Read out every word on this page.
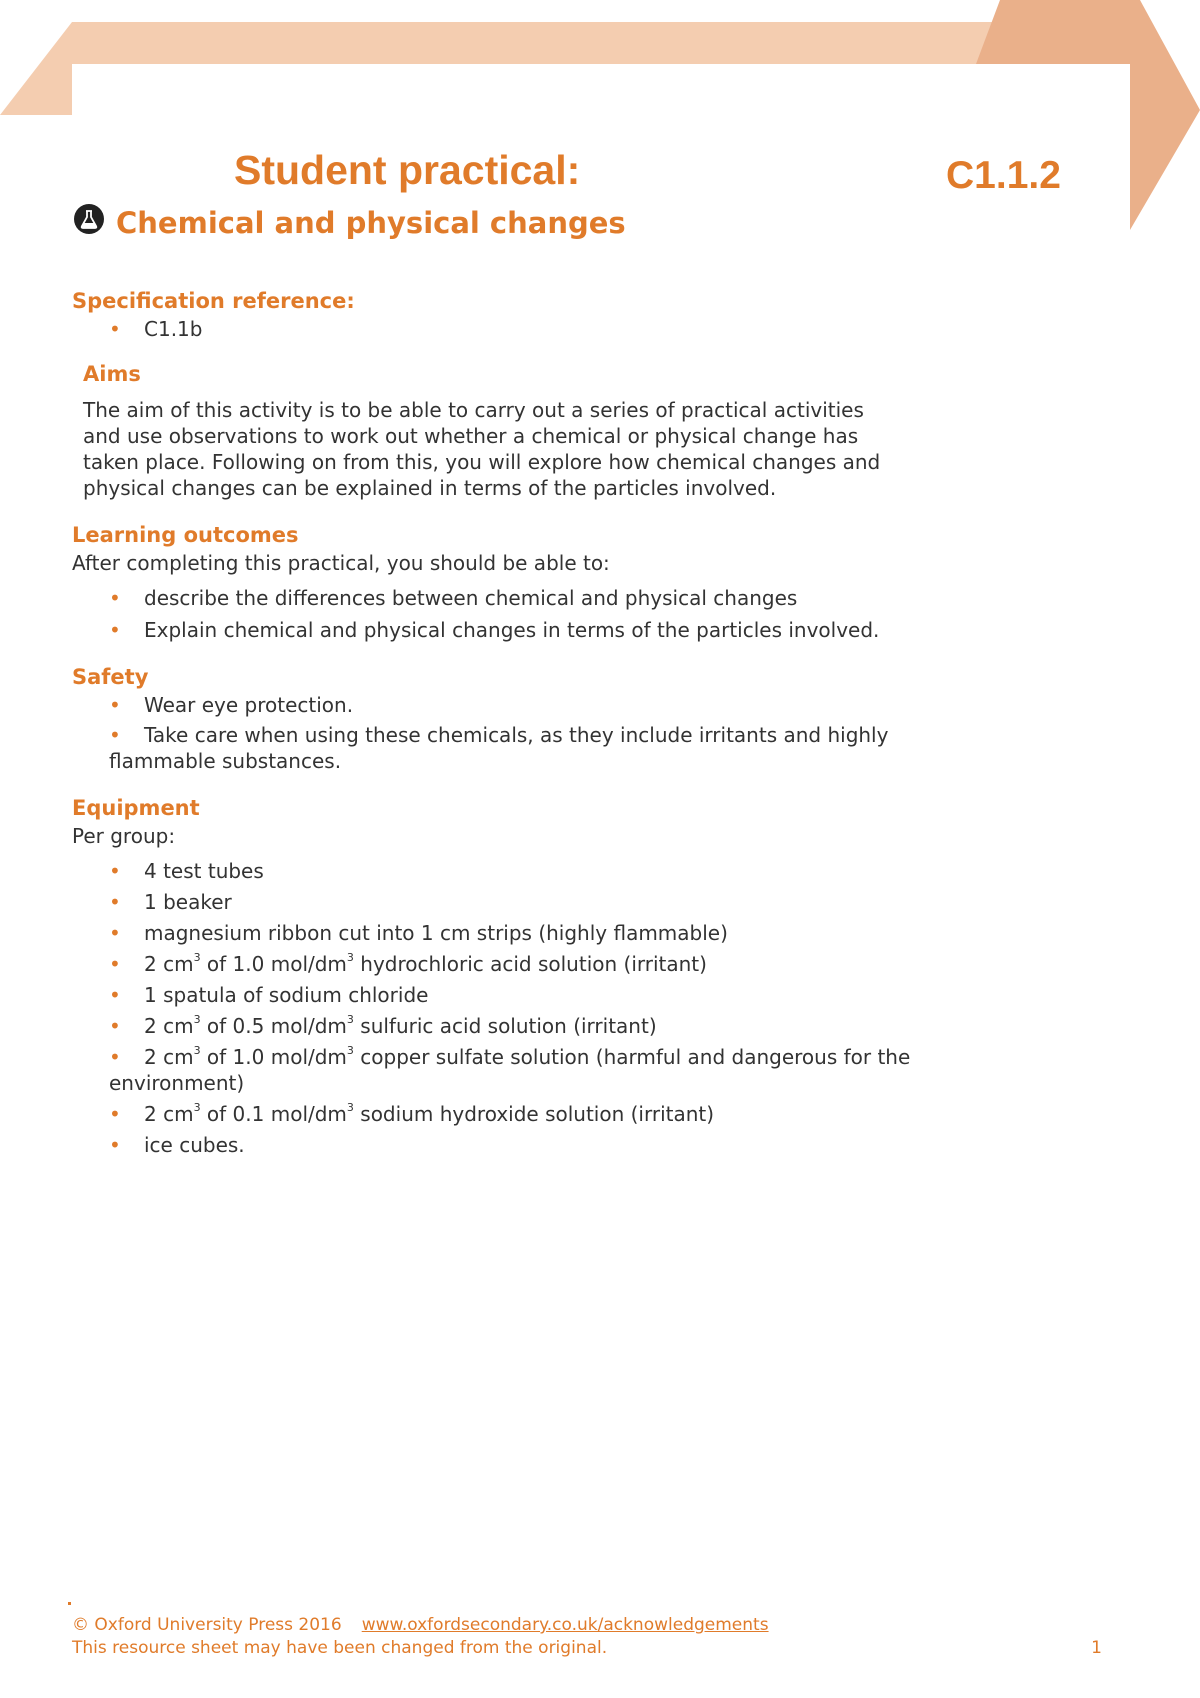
Student practical:	C1.1.2
Chemical and physical changes

Specification reference:

• C1.1b

Aims

The aim of this activity is to be able to carry out a series of practical activities and use observations to work out whether a chemical or physical change has taken place. Following on from this, you will explore how chemical changes and physical changes can be explained in terms of the particles involved.

Learning outcomes

After completing this practical, you should be able to:

• describe the differences between chemical and physical changes
• Explain chemical and physical changes in terms of the particles involved.

Safety

• Wear eye protection.
• Take care when using these chemicals, as they include irritants and highly flammable substances.

Equipment

Per group:

• 4 test tubes
• 1 beaker
• magnesium ribbon cut into 1 cm strips (highly flammable)
• 2 $cm^3$ of 1.0 mol/$dm^3$ hydrochloric acid solution (irritant)
• 1 spatula of sodium chloride
• 2 $cm^3$ of 0.5 mol/$dm^3$ sulfuric acid solution (irritant)
• 2 $cm^3$ of 1.0 mol/$dm^3$ copper sulfate solution (harmful and dangerous for the environment)
• 2 $cm^3$ of 0.1 mol/$dm^3$ sodium hydroxide solution (irritant)
• ice cubes.
© Oxford University Press 2016 www.oxfordsecondary.co.uk/acknowledgements
This resource sheet may have been changed from the original.	1
